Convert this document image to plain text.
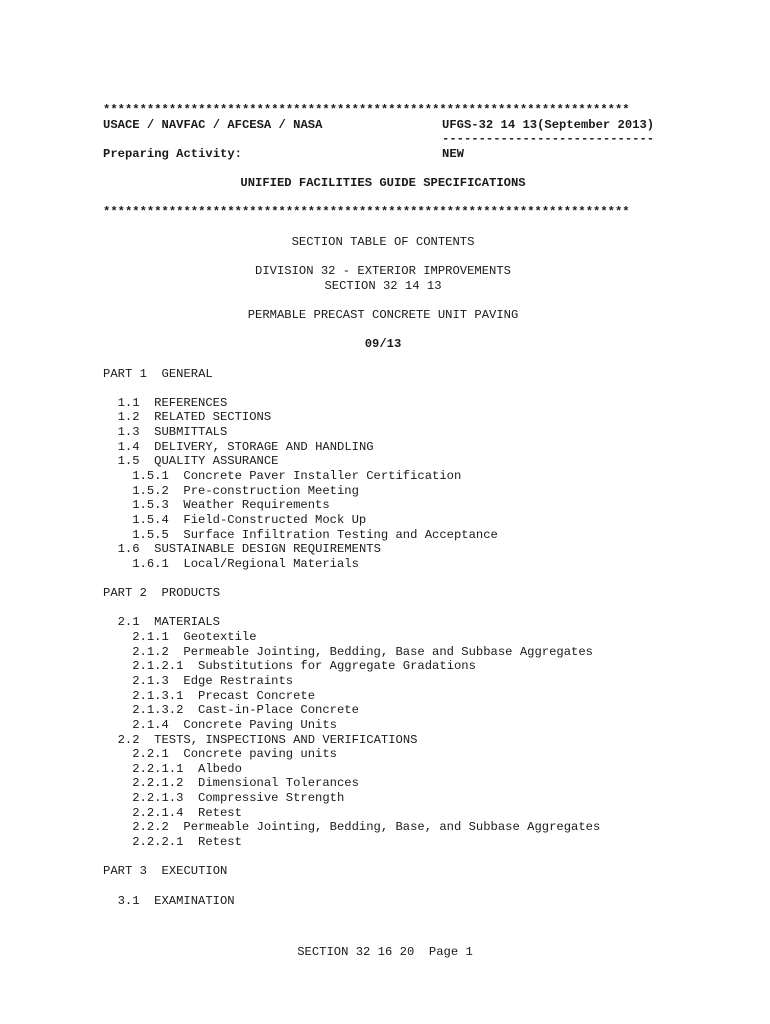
************************************************************************
USACE / NAVFAC / AFCESA / NASA	UFGS-32 14 13(September 2013)
-----------------------------
Preparing Activity:	NEW
UNIFIED FACILITIES GUIDE SPECIFICATIONS
************************************************************************
SECTION TABLE OF CONTENTS
DIVISION 32 - EXTERIOR IMPROVEMENTS
SECTION 32 14 13
PERMABLE PRECAST CONCRETE UNIT PAVING
09/13
PART 1  GENERAL
1.1  REFERENCES
1.2  RELATED SECTIONS
1.3  SUBMITTALS
1.4  DELIVERY, STORAGE AND HANDLING
1.5  QUALITY ASSURANCE
1.5.1  Concrete Paver Installer Certification
1.5.2  Pre-construction Meeting
1.5.3  Weather Requirements
1.5.4  Field-Constructed Mock Up
1.5.5  Surface Infiltration Testing and Acceptance
1.6  SUSTAINABLE DESIGN REQUIREMENTS
1.6.1  Local/Regional Materials
PART 2  PRODUCTS
2.1  MATERIALS
2.1.1  Geotextile
2.1.2  Permeable Jointing, Bedding, Base and Subbase Aggregates
2.1.2.1  Substitutions for Aggregate Gradations
2.1.3  Edge Restraints
2.1.3.1  Precast Concrete
2.1.3.2  Cast-in-Place Concrete
2.1.4  Concrete Paving Units
2.2  TESTS, INSPECTIONS AND VERIFICATIONS
2.2.1  Concrete paving units
2.2.1.1  Albedo
2.2.1.2  Dimensional Tolerances
2.2.1.3  Compressive Strength
2.2.1.4  Retest
2.2.2  Permeable Jointing, Bedding, Base, and Subbase Aggregates
2.2.2.1  Retest
PART 3  EXECUTION
3.1  EXAMINATION
SECTION 32 16 20  Page 1
